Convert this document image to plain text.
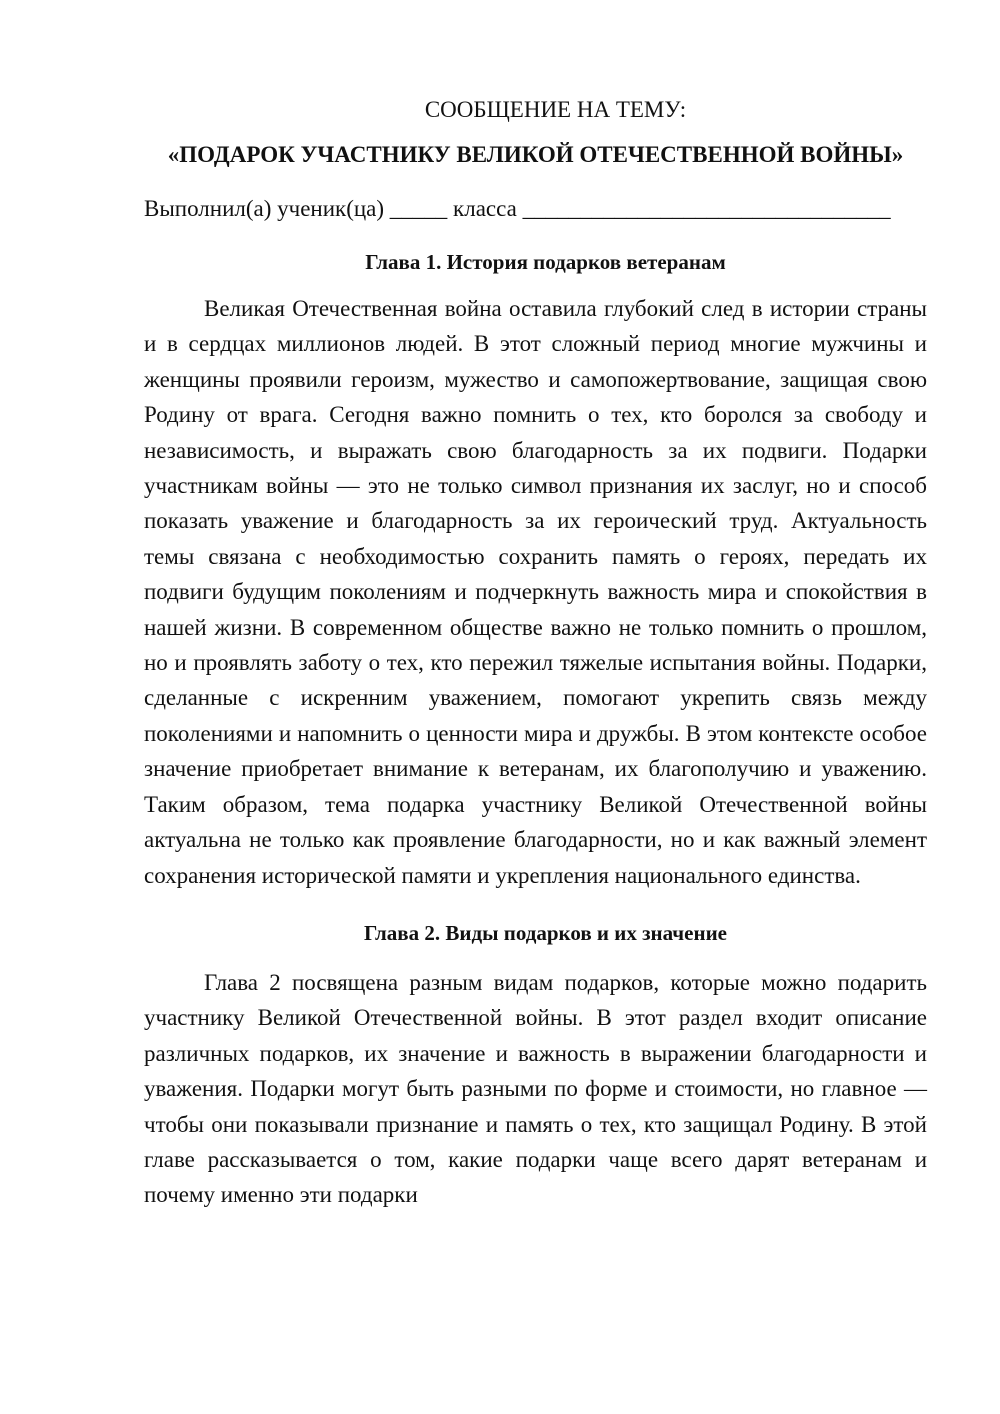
СООБЩЕНИЕ НА ТЕМУ:

«ПОДАРОК УЧАСТНИКУ ВЕЛИКОЙ ОТЕЧЕСТВЕННОЙ ВОЙНЫ»

Выполнил(а) ученик(ца) _____ класса ________________________________

Глава 1. История подарков ветеранам

Великая Отечественная война оставила глубокий след в истории страны и в сердцах миллионов людей. В этот сложный период многие мужчины и женщины проявили героизм, мужество и самопожертвование, защищая свою Родину от врага. Сегодня важно помнить о тех, кто боролся за свободу и независимость, и выражать свою благодарность за их подвиги. Подарки участникам войны — это не только символ признания их заслуг, но и способ показать уважение и благодарность за их героический труд. Актуальность темы связана с необходимостью сохранить память о героях, передать их подвиги будущим поколениям и подчеркнуть важность мира и спокойствия в нашей жизни. В современном обществе важно не только помнить о прошлом, но и проявлять заботу о тех, кто пережил тяжелые испытания войны. Подарки, сделанные с искренним уважением, помогают укрепить связь между поколениями и напомнить о ценности мира и дружбы. В этом контексте особое значение приобретает внимание к ветеранам, их благополучию и уважению. Таким образом, тема подарка участнику Великой Отечественной войны актуальна не только как проявление благодарности, но и как важный элемент сохранения исторической памяти и укрепления национального единства.

Глава 2. Виды подарков и их значение

Глава 2 посвящена разным видам подарков, которые можно подарить участнику Великой Отечественной войны. В этот раздел входит описание различных подарков, их значение и важность в выражении благодарности и уважения. Подарки могут быть разными по форме и стоимости, но главное — чтобы они показывали признание и память о тех, кто защищал Родину. В этой главе рассказывается о том, какие подарки чаще всего дарят ветеранам и почему именно эти подарки
